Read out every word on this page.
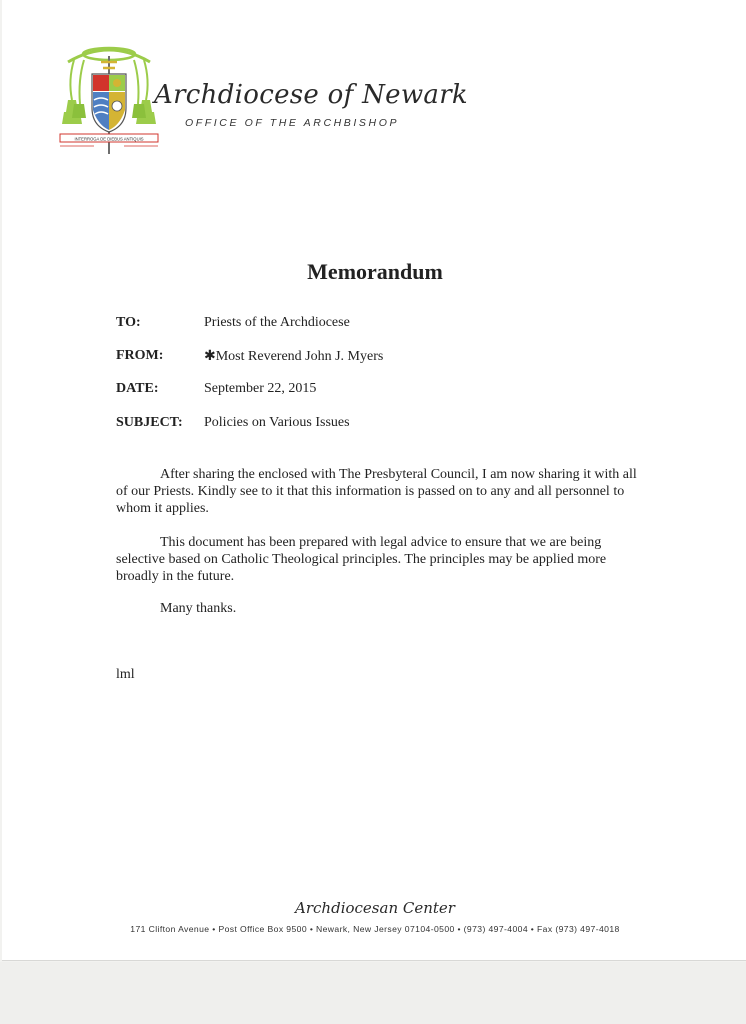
INTERROGA DE DIEBUS ANTIQUIS
Archdiocese of Newark
OFFICE OF THE ARCHBISHOP
Memorandum
TO:	Priests of the Archdiocese
FROM:	✱Most Reverend John J. Myers
DATE:	September 22, 2015
SUBJECT: Policies on Various Issues
After sharing the enclosed with The Presbyteral Council, I am now sharing it with all of our Priests. Kindly see to it that this information is passed on to any and all personnel to whom it applies.
This document has been prepared with legal advice to ensure that we are being selective based on Catholic Theological principles. The principles may be applied more broadly in the future.
Many thanks.
lml
Archdiocesan Center
171 Clifton Avenue • Post Office Box 9500 • Newark, New Jersey 07104-0500 • (973) 497-4004 • Fax (973) 497-4018
